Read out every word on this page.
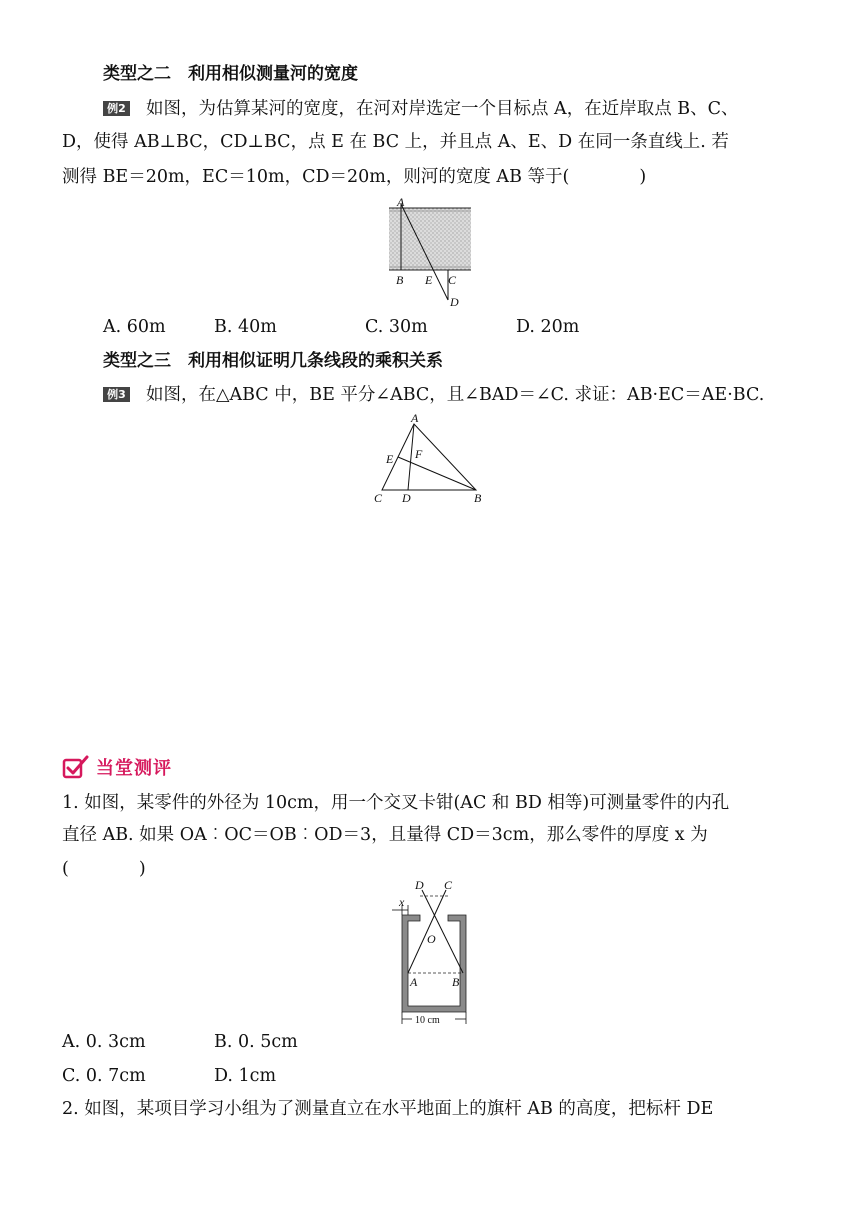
类型之二　利用相似测量河的宽度
例2 如图，为估算某河的宽度，在河对岸选定一个目标点 A，在近岸取点 B、C、
D，使得 AB⊥BC，CD⊥BC，点 E 在 BC 上，并且点 A、E、D 在同一条直线上. 若
测得 BE＝20m，EC＝10m，CD＝20m，则河的宽度 AB 等于(　　　　)
A
B E C
D
A. 60m	B. 40m	C. 30m	D. 20m
类型之三　利用相似证明几条线段的乘积关系
例3 如图，在△ABC 中，BE 平分∠ABC，且∠BAD＝∠C. 求证：AB·EC＝AE·BC.
A
E F
C D	B
当堂测评
1. 如图，某零件的外径为 10cm，用一个交叉卡钳(AC 和 BD 相等)可测量零件的内孔
直径 AB. 如果 OA︰OC＝OB︰OD＝3，且量得 CD＝3cm，那么零件的厚度 x 为
(　　　　)
D C
x
O
A	B
10 cm
A. 0. 3cm	B. 0. 5cm
C. 0. 7cm	D. 1cm
2. 如图，某项目学习小组为了测量直立在水平地面上的旗杆 AB 的高度，把标杆 DE
